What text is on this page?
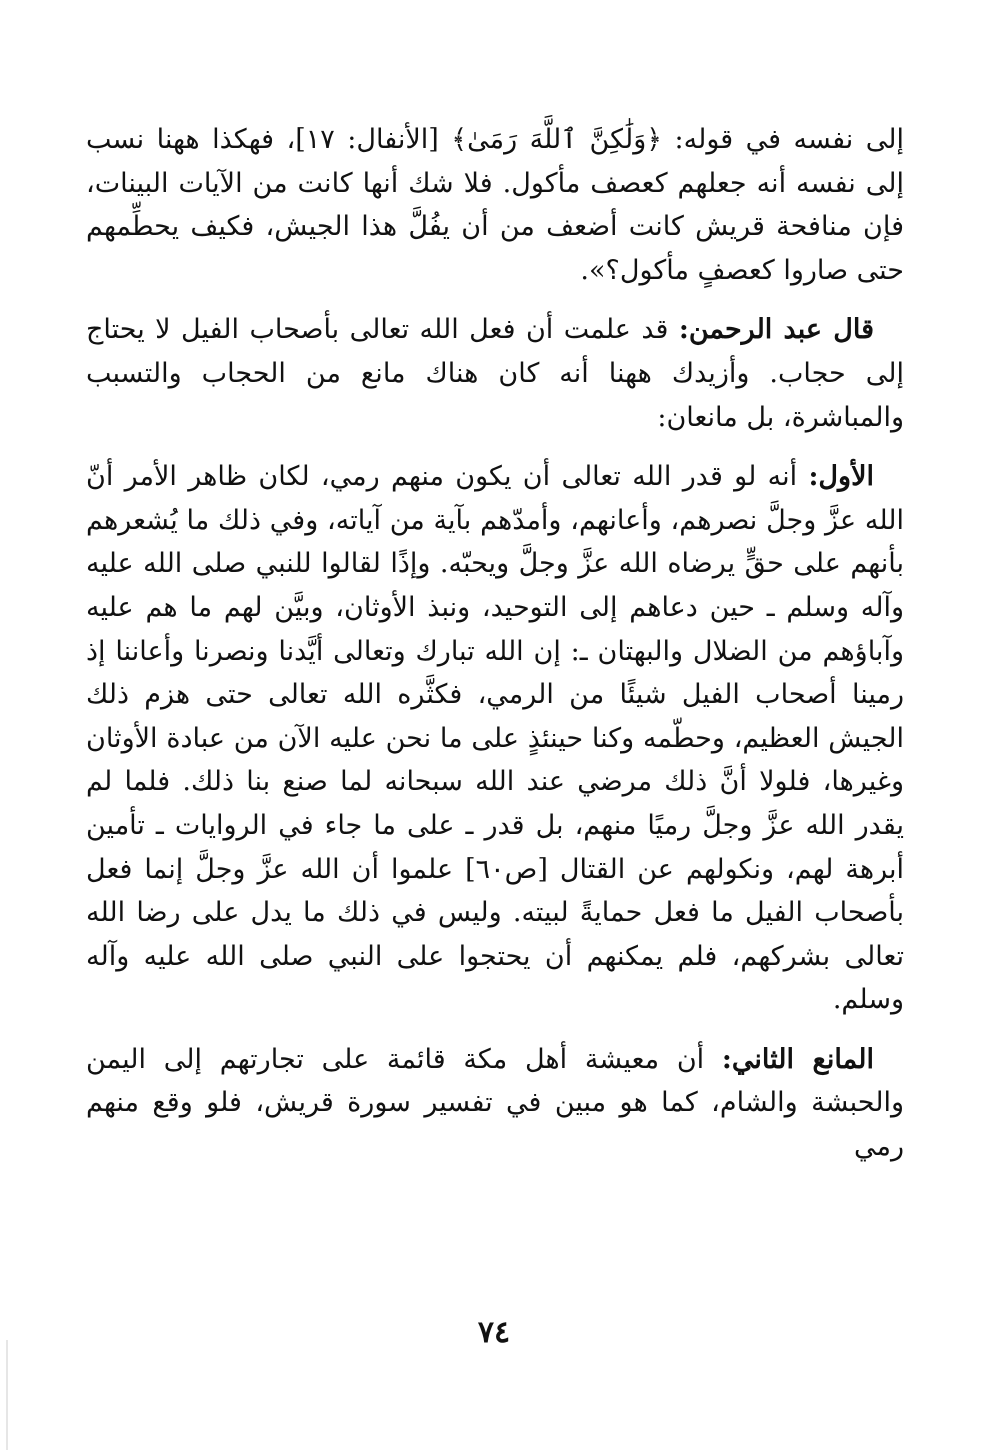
إلى نفسه في قوله: ﴿وَلَٰكِنَّ ٱللَّهَ رَمَىٰ﴾ [الأنفال: ١٧]، فهكذا ههنا نسب إلى نفسه أنه جعلهم كعصف مأكول. فلا شك أنها كانت من الآيات البينات، فإن منافحة قريش كانت أضعف من أن يفُلَّ هذا الجيش، فكيف يحطِّمهم حتى صاروا كعصفٍ مأكول؟».

قال عبد الرحمن: قد علمت أن فعل الله تعالى بأصحاب الفيل لا يحتاج إلى حجاب. وأزيدك ههنا أنه كان هناك مانع من الحجاب والتسبب والمباشرة، بل مانعان:

الأول: أنه لو قدر الله تعالى أن يكون منهم رمي، لكان ظاهر الأمر أنّ الله عزَّ وجلَّ نصرهم، وأعانهم، وأمدّهم بآية من آياته، وفي ذلك ما يُشعرهم بأنهم على حقٍّ يرضاه الله عزَّ وجلَّ ويحبّه. وإذًا لقالوا للنبي صلى الله عليه وآله وسلم ـ حين دعاهم إلى التوحيد، ونبذ الأوثان، وبيَّن لهم ما هم عليه وآباؤهم من الضلال والبهتان ـ: إن الله تبارك وتعالى أيَّدنا ونصرنا وأعاننا إذ رمينا أصحاب الفيل شيئًا من الرمي، فكثَّره الله تعالى حتى هزم ذلك الجيش العظيم، وحطّمه وكنا حينئذٍ على ما نحن عليه الآن من عبادة الأوثان وغيرها، فلولا أنَّ ذلك مرضي عند الله سبحانه لما صنع بنا ذلك. فلما لم يقدر الله عزَّ وجلَّ رميًا منهم، بل قدر ـ على ما جاء في الروايات ـ تأمين أبرهة لهم، ونكولهم عن القتال [ص٦٠] علموا أن الله عزَّ وجلَّ إنما فعل بأصحاب الفيل ما فعل حمايةً لبيته. وليس في ذلك ما يدل على رضا الله تعالى بشركهم، فلم يمكنهم أن يحتجوا على النبي صلى الله عليه وآله وسلم.

المانع الثاني: أن معيشة أهل مكة قائمة على تجارتهم إلى اليمن والحبشة والشام، كما هو مبين في تفسير سورة قريش، فلو وقع منهم رمي

٧٤
